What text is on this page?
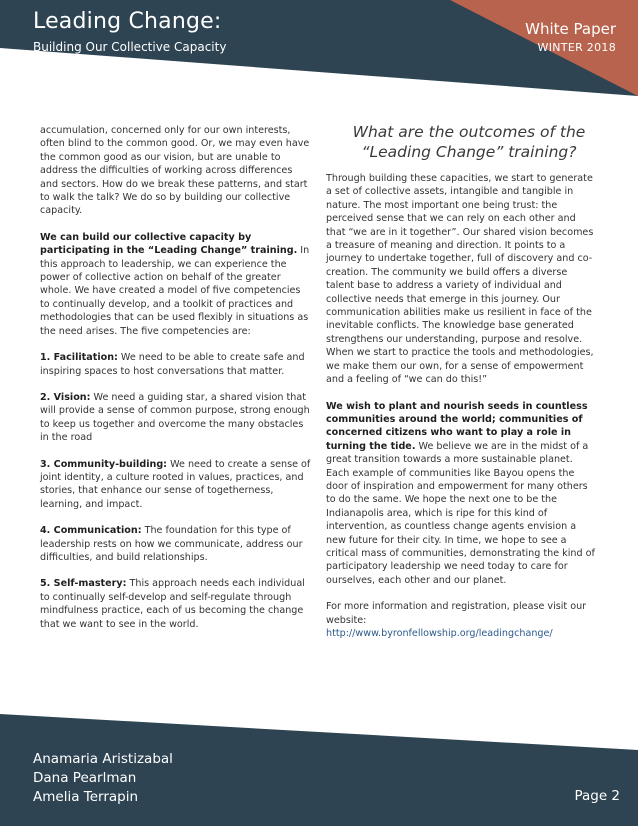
Leading Change:
Building Our Collective Capacity
White Paper
WINTER 2018

accumulation, concerned only for our own interests, often blind to the common good. Or, we may even have the common good as our vision, but are unable to address the difficulties of working across differences and sectors. How do we break these patterns, and start to walk the talk? We do so by building our collective capacity.

We can build our collective capacity by participating in the “Leading Change” training. In this approach to leadership, we can experience the power of collective action on behalf of the greater whole. We have created a model of five competencies to continually develop, and a toolkit of practices and methodologies that can be used flexibly in situations as the need arises. The five competencies are:

1. Facilitation: We need to be able to create safe and inspiring spaces to host conversations that matter.

2. Vision: We need a guiding star, a shared vision that will provide a sense of common purpose, strong enough to keep us together and overcome the many obstacles in the road

3. Community-building: We need to create a sense of joint identity, a culture rooted in values, practices, and stories, that enhance our sense of togetherness, learning, and impact.

4. Communication: The foundation for this type of leadership rests on how we communicate, address our difficulties, and build relationships.

5. Self-mastery: This approach needs each individual to continually self-develop and self-regulate through mindfulness practice, each of us becoming the change that we want to see in the world.

What are the outcomes of the “Leading Change” training?

Through building these capacities, we start to generate a set of collective assets, intangible and tangible in nature. The most important one being trust: the perceived sense that we can rely on each other and that “we are in it together”. Our shared vision becomes a treasure of meaning and direction. It points to a journey to undertake together, full of discovery and co-creation. The community we build offers a diverse talent base to address a variety of individual and collective needs that emerge in this journey. Our communication abilities make us resilient in face of the inevitable conflicts. The knowledge base generated strengthens our understanding, purpose and resolve. When we start to practice the tools and methodologies, we make them our own, for a sense of empowerment and a feeling of “we can do this!”

We wish to plant and nourish seeds in countless communities around the world; communities of concerned citizens who want to play a role in turning the tide. We believe we are in the midst of a great transition towards a more sustainable planet. Each example of communities like Bayou opens the door of inspiration and empowerment for many others to do the same. We hope the next one to be the Indianapolis area, which is ripe for this kind of intervention, as countless change agents envision a new future for their city. In time, we hope to see a critical mass of communities, demonstrating the kind of participatory leadership we need today to care for ourselves, each other and our planet.

For more information and registration, please visit our website:
http://www.byronfellowship.org/leadingchange/

Anamaria Aristizabal
Dana Pearlman
Amelia Terrapin	Page 2
